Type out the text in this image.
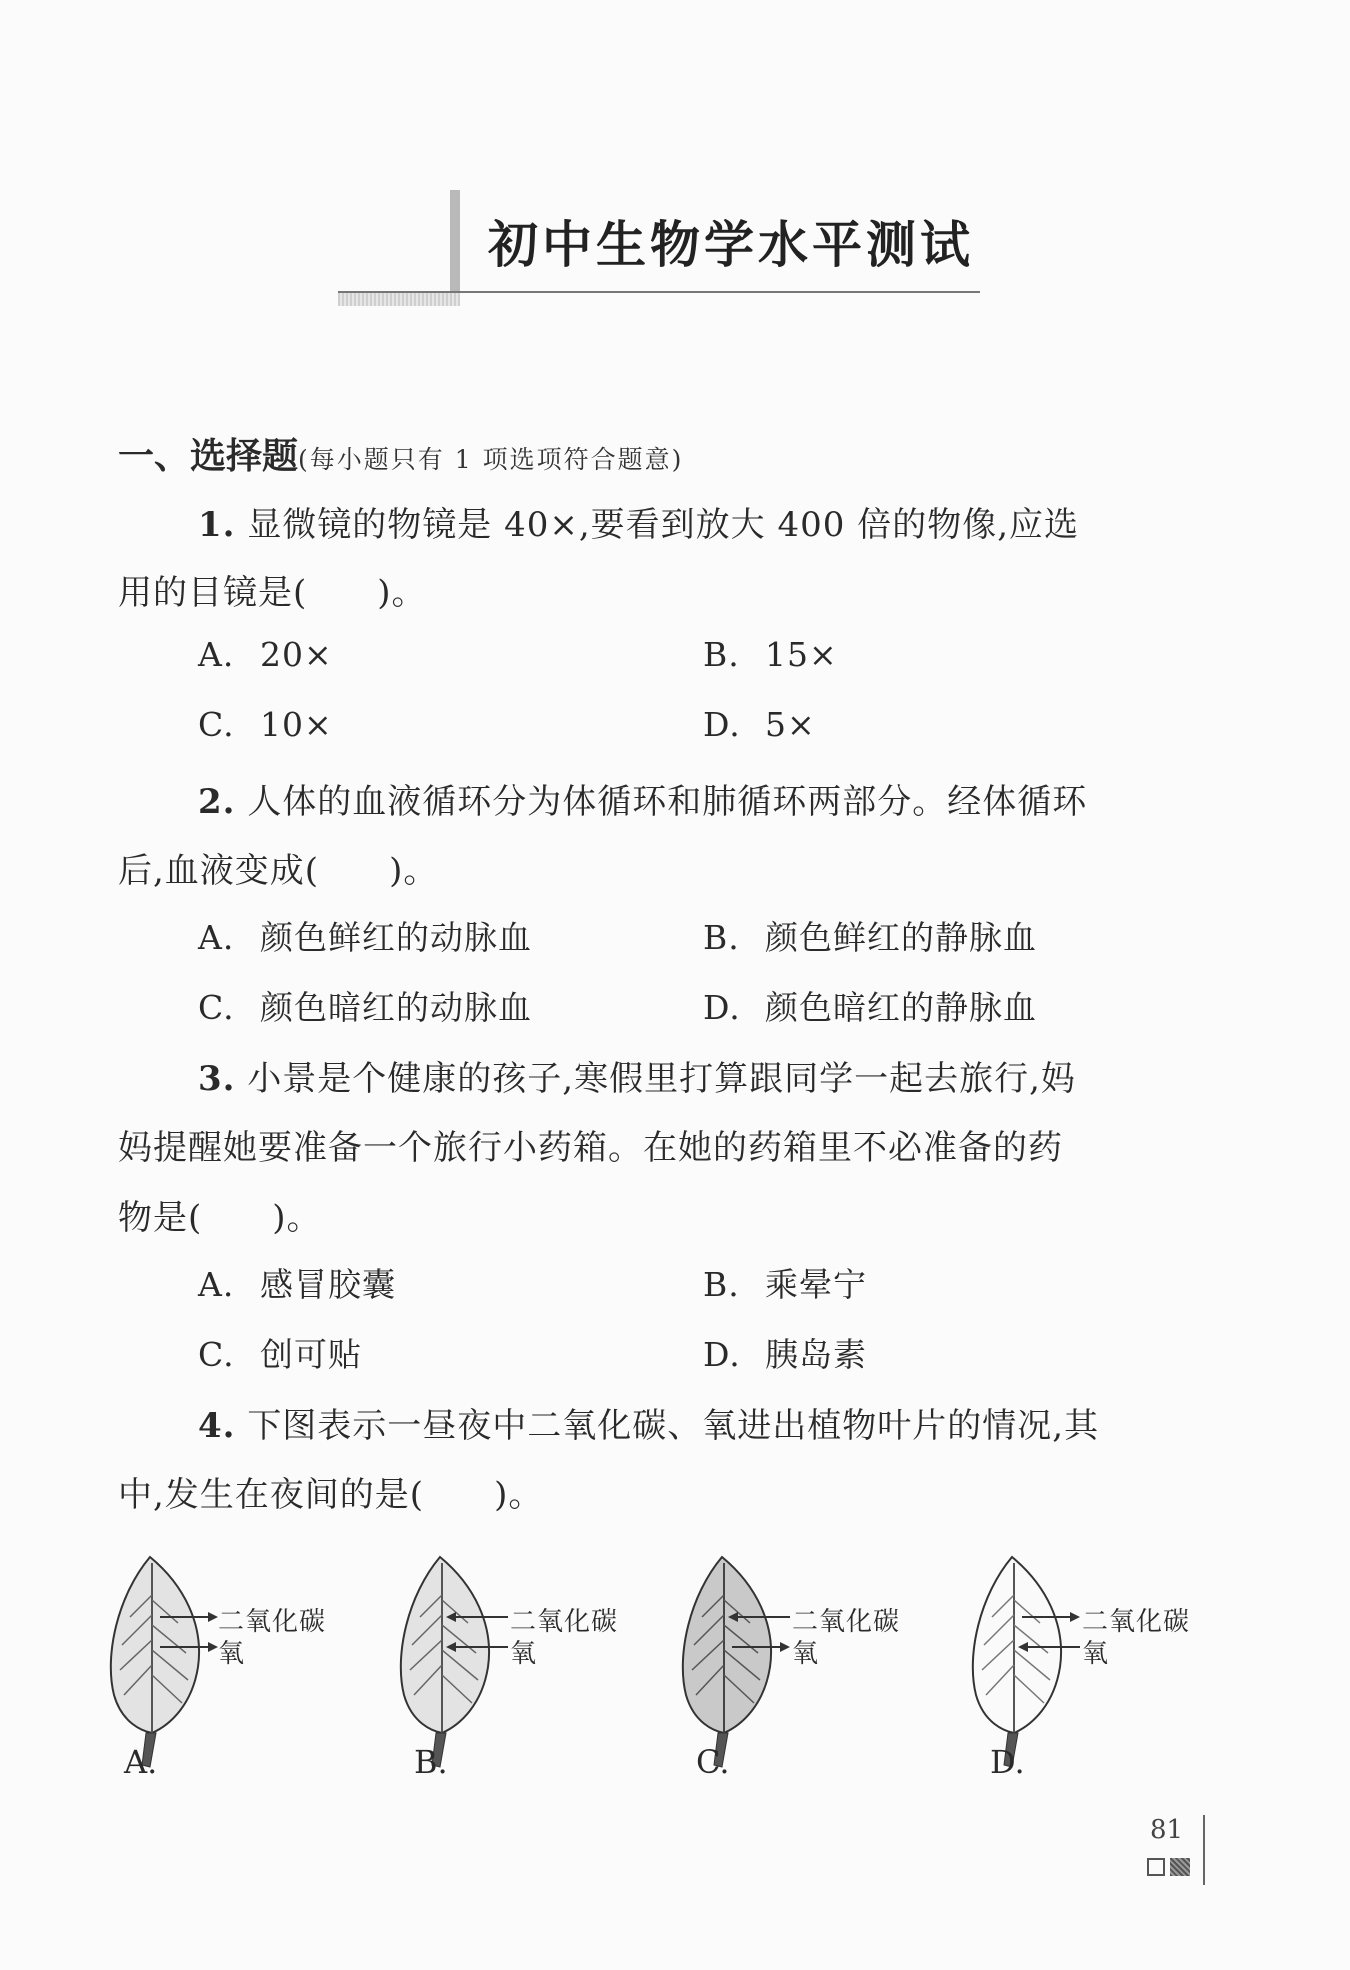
初中生物学水平测试
一、选择题(每小题只有 1 项选项符合题意)
1. 显微镜的物镜是 40×,要看到放大 400 倍的物像,应选
用的目镜是(　　)。
A. 20×	B. 15×
C. 10×	D. 5×
2. 人体的血液循环分为体循环和肺循环两部分。经体循环
后,血液变成(　　)。
A. 颜色鲜红的动脉血	B. 颜色鲜红的静脉血
C. 颜色暗红的动脉血	D. 颜色暗红的静脉血
3. 小景是个健康的孩子,寒假里打算跟同学一起去旅行,妈
妈提醒她要准备一个旅行小药箱。在她的药箱里不必准备的药
物是(　　)。
A. 感冒胶囊	B. 乘晕宁
C. 创可贴	D. 胰岛素
4. 下图表示一昼夜中二氧化碳、氧进出植物叶片的情况,其
中,发生在夜间的是(　　)。
二氧化碳
氧
A.
二氧化碳
氧
B.
二氧化碳
氧
C.
二氧化碳
氧
D.
81
